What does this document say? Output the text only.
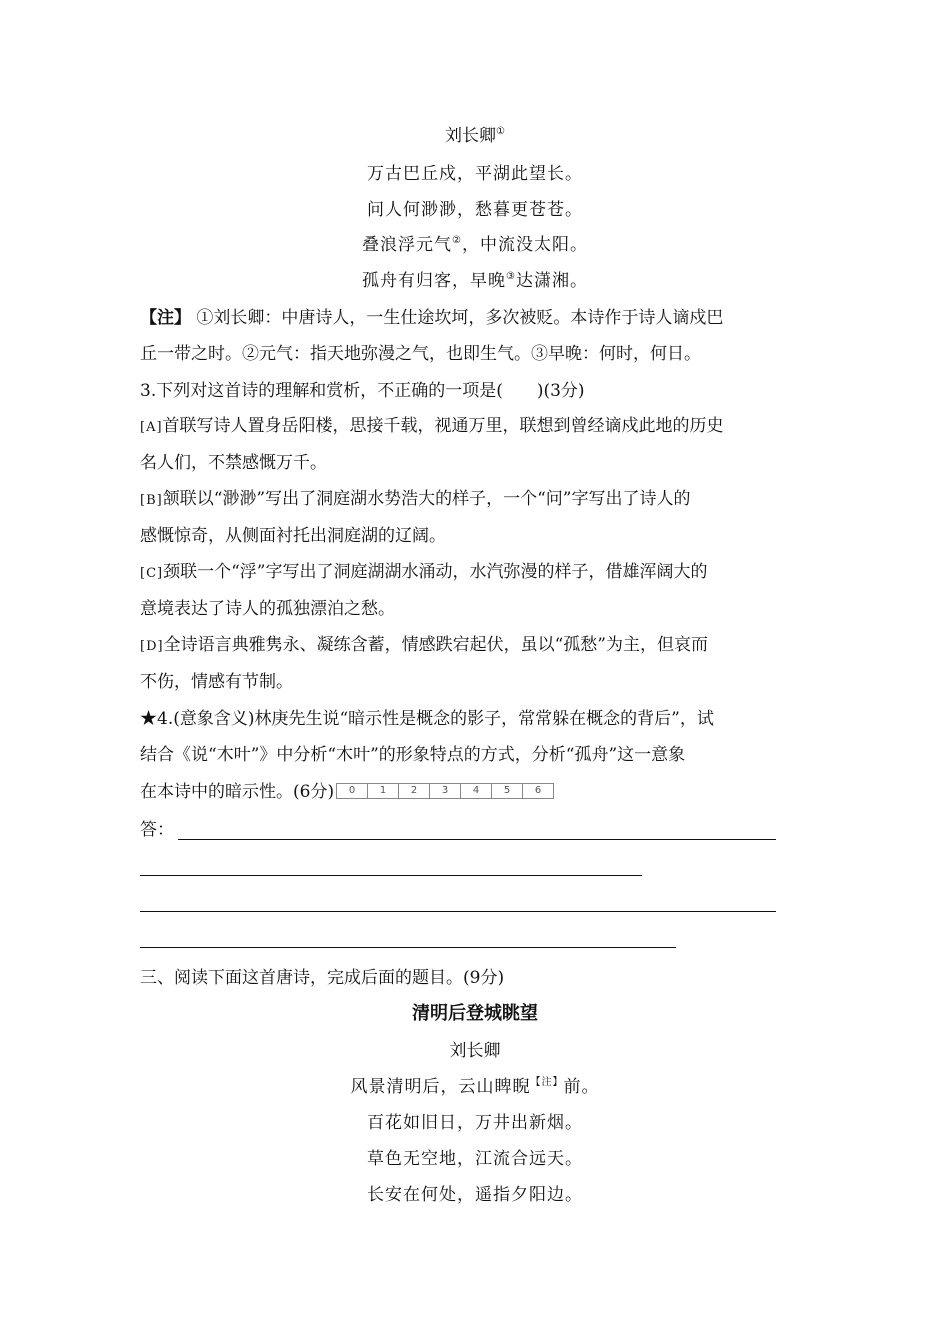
刘长卿①
万古巴丘戍，平湖此望长。
问人何渺渺，愁暮更苍苍。
叠浪浮元气②，中流没太阳。
孤舟有归客，早晚③达潇湘。
【注】 ①刘长卿：中唐诗人，一生仕途坎坷，多次被贬。本诗作于诗人谪戍巴
丘一带之时。②元气：指天地弥漫之气，也即生气。③早晚：何时，何日。
3.下列对这首诗的理解和赏析，不正确的一项是(　　)(3分)
[A]首联写诗人置身岳阳楼，思接千载，视通万里，联想到曾经谪戍此地的历史
名人们，不禁感慨万千。
[B]颔联以“渺渺”写出了洞庭湖水势浩大的样子，一个“问”字写出了诗人的
感慨惊奇，从侧面衬托出洞庭湖的辽阔。
[C]颈联一个“浮”字写出了洞庭湖湖水涌动，水汽弥漫的样子，借雄浑阔大的
意境表达了诗人的孤独漂泊之愁。
[D]全诗语言典雅隽永、凝练含蓄，情感跌宕起伏，虽以“孤愁”为主，但哀而
不伤，情感有节制。
★4.(意象含义)林庚先生说“暗示性是概念的影子，常常躲在概念的背后”，试
结合《说“木叶”》中分析“木叶”的形象特点的方式，分析“孤舟”这一意象
在本诗中的暗示性。(6分)	0	1	2	3	4	5	6
答：
三、阅读下面这首唐诗，完成后面的题目。(9分)
清明后登城眺望
刘长卿
风景清明后，云山睥睨$^{【注】}$前。
百花如旧日，万井出新烟。
草色无空地，江流合远天。
长安在何处，遥指夕阳边。
